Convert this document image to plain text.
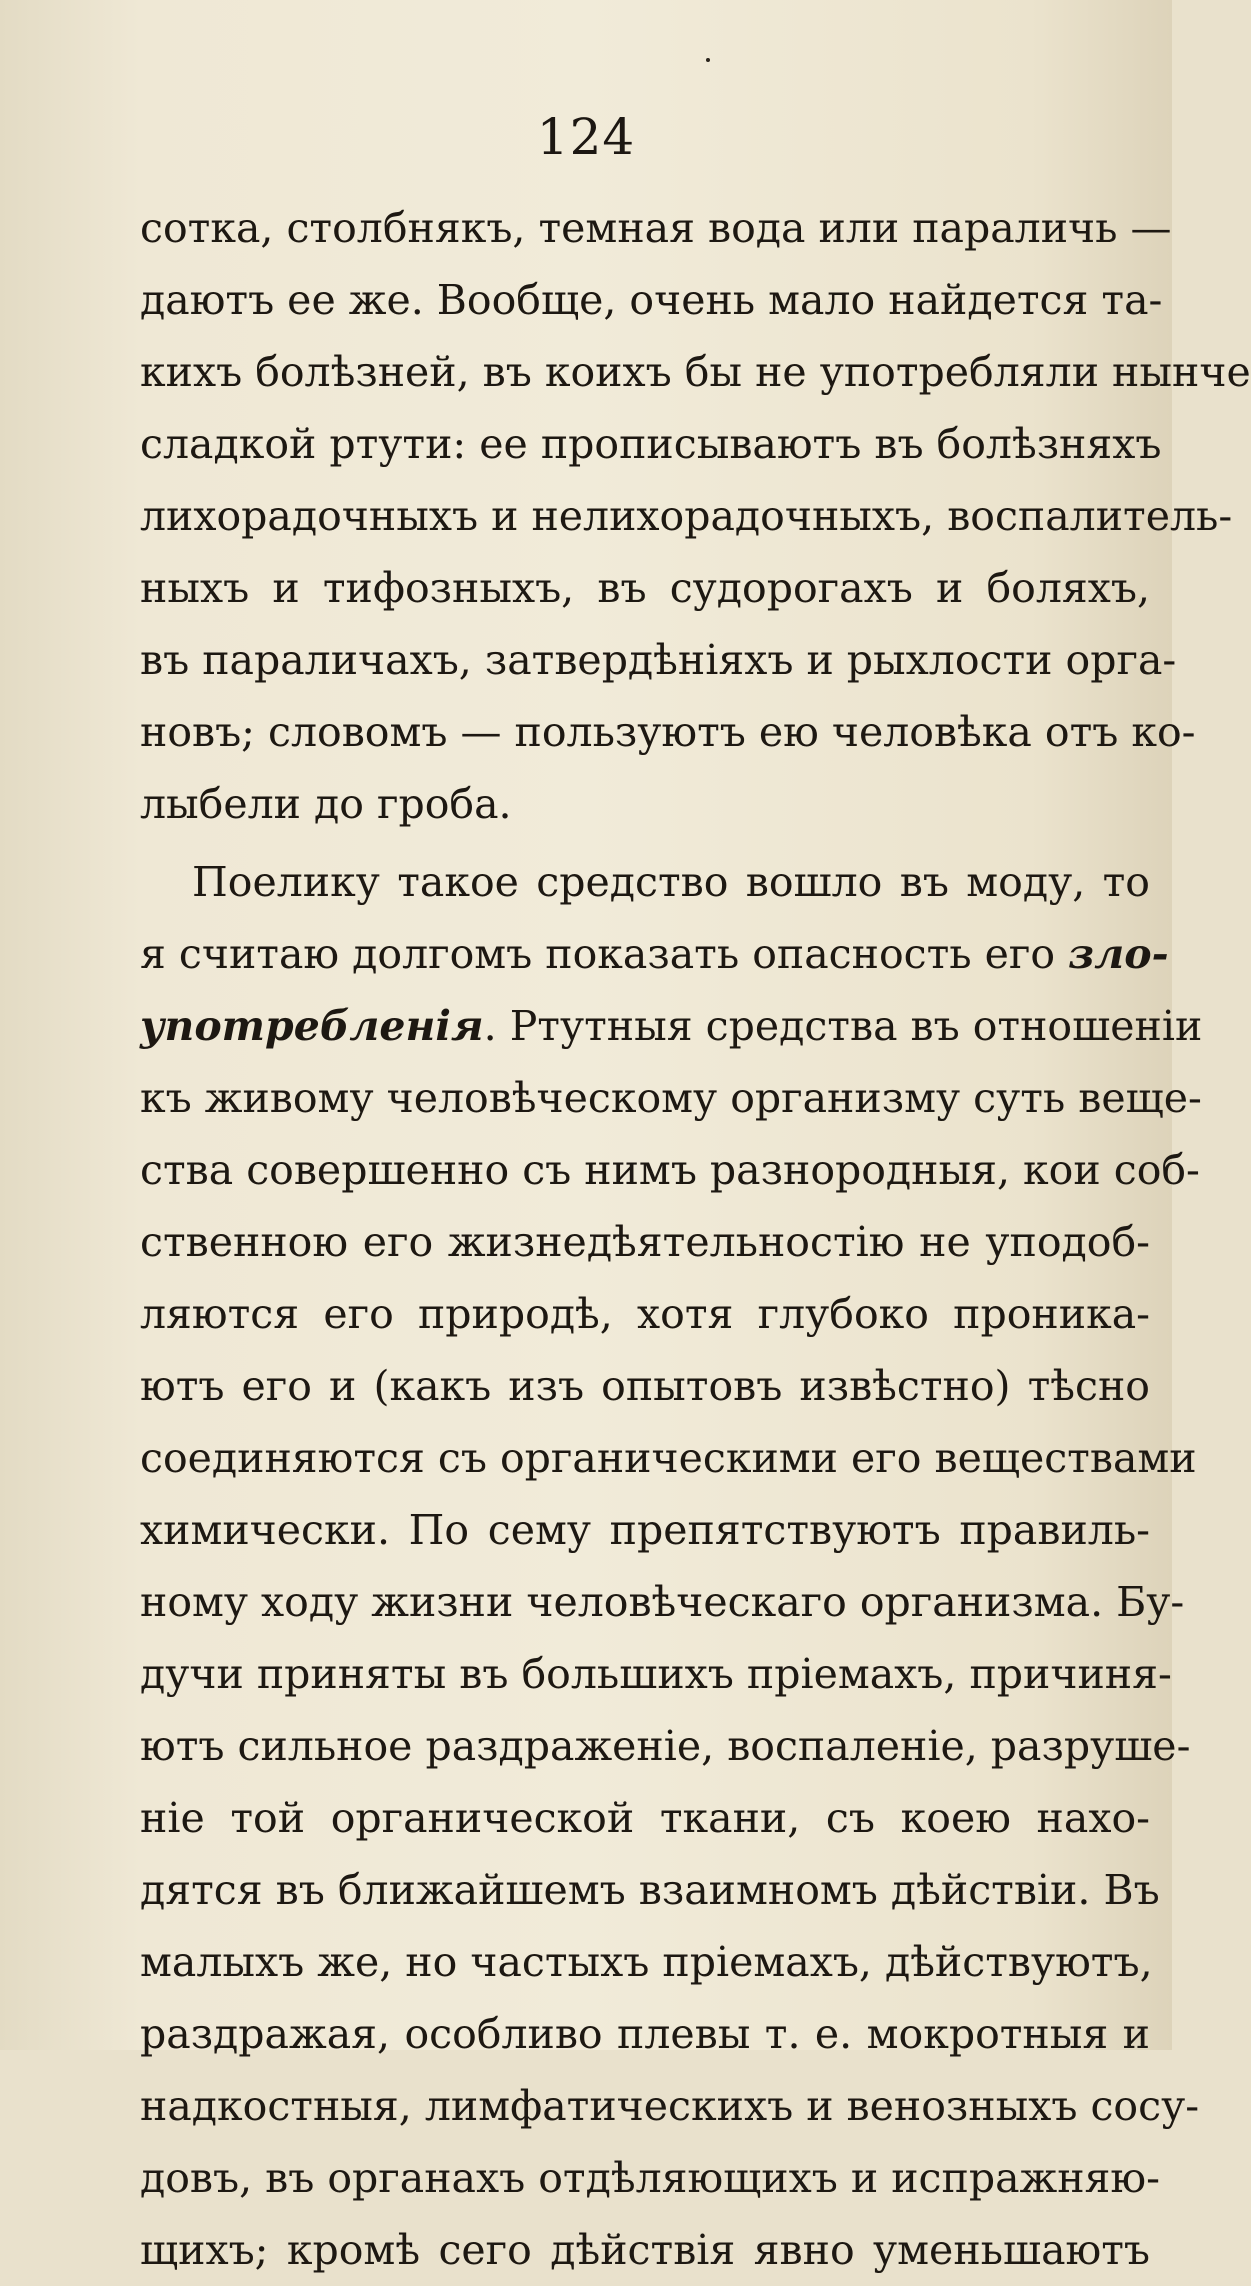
124
сотка, столбнякъ, темная вода или параличь —
даютъ ее же. Вообще, очень мало найдется та-
кихъ болѣзней, въ коихъ бы не употребляли нынче
сладкой ртути: ее прописываютъ въ болѣзняхъ
лихорадочныхъ и нелихорадочныхъ, воспалитель-
ныхъ и тифозныхъ, въ судорогахъ и боляхъ,
въ параличахъ, затвердѣніяхъ и рыхлости орга-
новъ; словомъ — пользуютъ ею человѣка отъ ко-
лыбели до гроба.
Поелику такое средство вошло въ моду, то
я считаю долгомъ показать опасность его зло-
употребленія. Ртутныя средства въ отношеніи
къ живому человѣческому организму суть веще-
ства совершенно съ нимъ разнородныя, кои соб-
ственною его жизнедѣятельностію не уподоб-
ляются его природѣ, хотя глубоко проника-
ютъ его и (какъ изъ опытовъ извѣстно) тѣсно
соединяются съ органическими его веществами
химически. По сему препятствуютъ правиль-
ному ходу жизни человѣческаго организма. Бу-
дучи приняты въ большихъ пріемахъ, причиня-
ютъ сильное раздраженіе, воспаленіе, разруше-
ніе той органической ткани, съ коею нахо-
дятся въ ближайшемъ взаимномъ дѣйствіи. Въ
малыхъ же, но частыхъ пріемахъ, дѣйствуютъ,
раздражая, особливо плевы т. е. мокротныя и
надкостныя, лимфатическихъ и венозныхъ сосу-
довъ, въ органахъ отдѣляющихъ и испражняю-
щихъ; кромѣ сего дѣйствія явно уменьшаютъ
